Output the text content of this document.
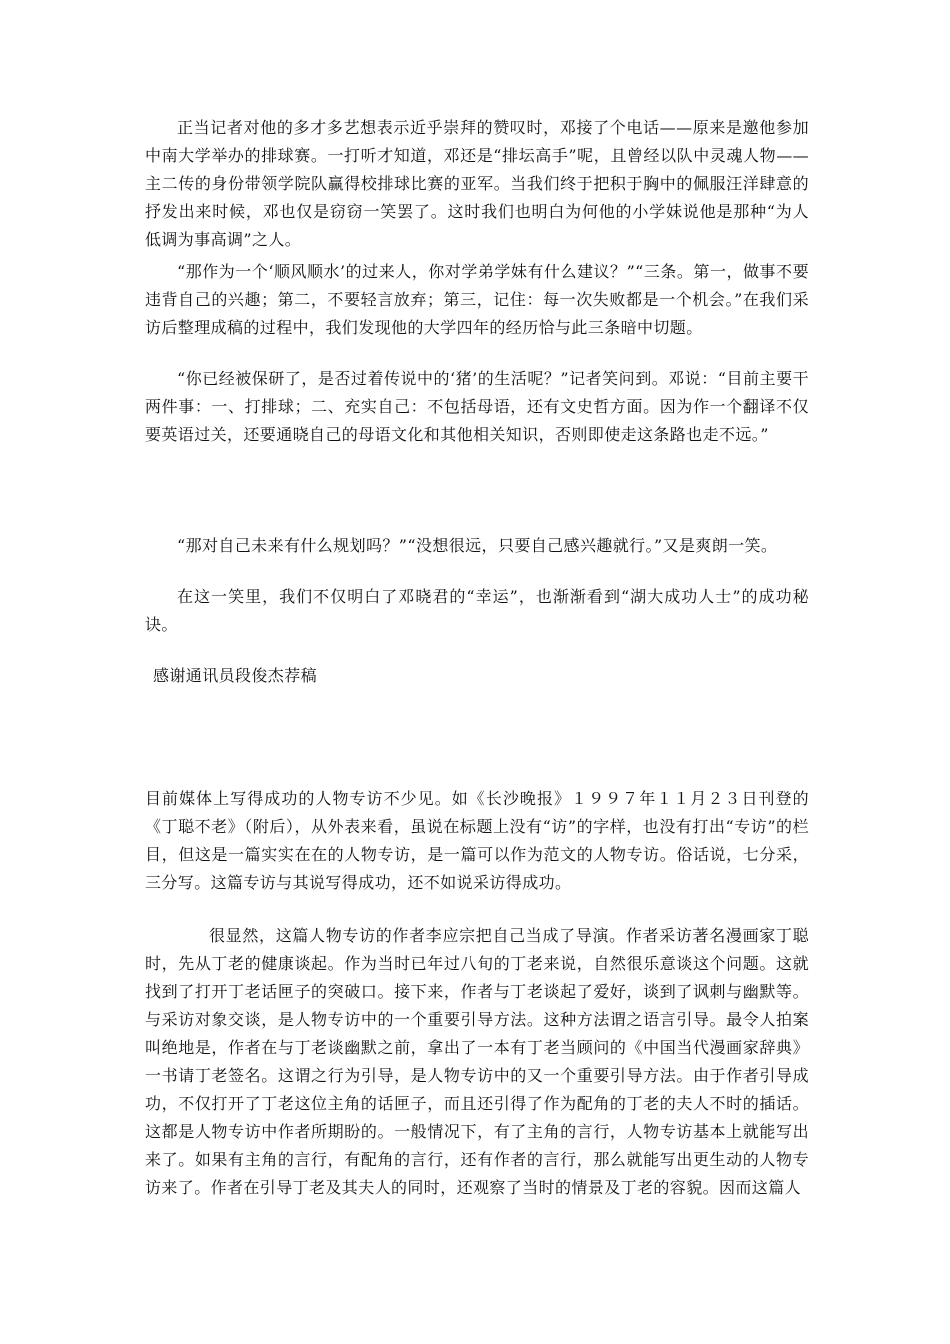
正当记者对他的多才多艺想表示近乎崇拜的赞叹时，邓接了个电话——原来是邀他参加中南大学举办的排球赛。一打听才知道，邓还是“排坛高手”呢，且曾经以队中灵魂人物——主二传的身份带领学院队赢得校排球比赛的亚军。当我们终于把积于胸中的佩服汪洋肆意的抒发出来时候，邓也仅是窃窃一笑罢了。这时我们也明白为何他的小学妹说他是那种“为人低调为事高调”之人。

“那作为一个‘顺风顺水’的过来人，你对学弟学妹有什么建议？”“三条。第一，做事不要违背自己的兴趣；第二，不要轻言放弃；第三，记住：每一次失败都是一个机会。”在我们采访后整理成稿的过程中，我们发现他的大学四年的经历恰与此三条暗中切题。

“你已经被保研了，是否过着传说中的‘猪’的生活呢？”记者笑问到。邓说：“目前主要干两件事：一、打排球；二、充实自己：不包括母语，还有文史哲方面。因为作一个翻译不仅要英语过关，还要通晓自己的母语文化和其他相关知识，否则即使走这条路也走不远。”

“那对自己未来有什么规划吗？”“没想很远，只要自己感兴趣就行。”又是爽朗一笑。

在这一笑里，我们不仅明白了邓晓君的“幸运”，也渐渐看到“湖大成功人士”的成功秘诀。

感谢通讯员段俊杰荐稿

目前媒体上写得成功的人物专访不少见。如《长沙晚报》１９９７年１１月２３日刊登的《丁聪不老》（附后），从外表来看，虽说在标题上没有“访”的字样，也没有打出“专访”的栏目，但这是一篇实实在在的人物专访，是一篇可以作为范文的人物专访。俗话说，七分采，三分写。这篇专访与其说写得成功，还不如说采访得成功。

很显然，这篇人物专访的作者李应宗把自己当成了导演。作者采访著名漫画家丁聪时，先从丁老的健康谈起。作为当时已年过八旬的丁老来说，自然很乐意谈这个问题。这就找到了打开丁老话匣子的突破口。接下来，作者与丁老谈起了爱好，谈到了讽刺与幽默等。与采访对象交谈，是人物专访中的一个重要引导方法。这种方法谓之语言引导。最令人拍案叫绝地是，作者在与丁老谈幽默之前，拿出了一本有丁老当顾问的《中国当代漫画家辞典》一书请丁老签名。这谓之行为引导，是人物专访中的又一个重要引导方法。由于作者引导成功，不仅打开了丁老这位主角的话匣子，而且还引得了作为配角的丁老的夫人不时的插话。这都是人物专访中作者所期盼的。一般情况下，有了主角的言行，人物专访基本上就能写出来了。如果有主角的言行，有配角的言行，还有作者的言行，那么就能写出更生动的人物专访来了。作者在引导丁老及其夫人的同时，还观察了当时的情景及丁老的容貌。因而这篇人
